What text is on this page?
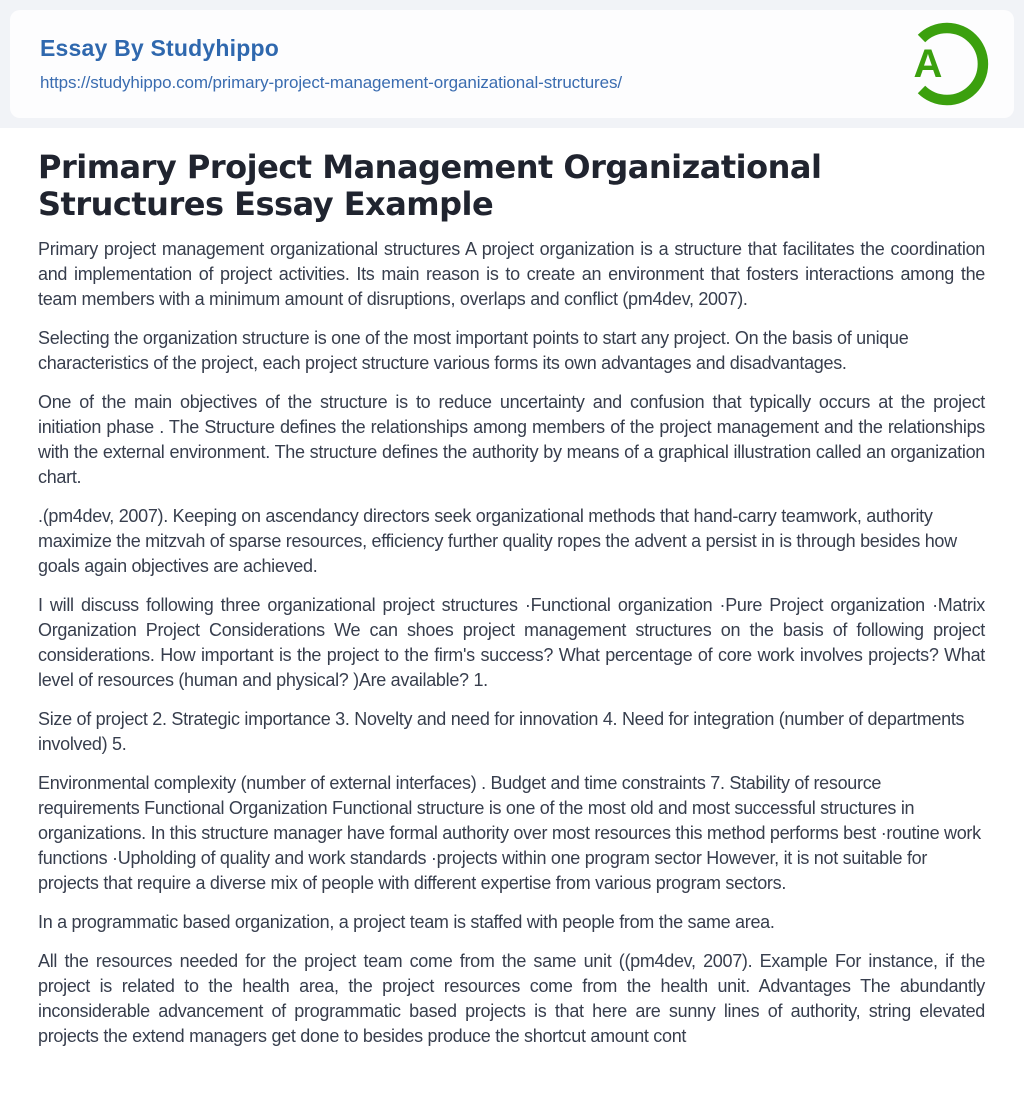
Essay By Studyhippo
https://studyhippo.com/primary-project-management-organizational-structures/	A
Primary Project Management Organizational Structures Essay Example

Primary project management organizational structures A project organization is a structure that facilitates the coordination and implementation of project activities. Its main reason is to create an environment that fosters interactions among the team members with a minimum amount of disruptions, overlaps and conflict (pm4dev, 2007).

Selecting the organization structure is one of the most important points to start any project. On the basis of unique characteristics of the project, each project structure various forms its own advantages and disadvantages.

One of the main objectives of the structure is to reduce uncertainty and confusion that typically occurs at the project initiation phase . The Structure defines the relationships among members of the project management and the relationships with the external environment. The structure defines the authority by means of a graphical illustration called an organization chart.

.(pm4dev, 2007). Keeping on ascendancy directors seek organizational methods that hand-carry teamwork, authority maximize the mitzvah of sparse resources, efficiency further quality ropes the advent a persist in is through besides how goals again objectives are achieved.

I will discuss following three organizational project structures ·Functional organization ·Pure Project organization ·Matrix Organization Project Considerations We can shoes project management structures on the basis of following project considerations. How important is the project to the firm's success? What percentage of core work involves projects? What level of resources (human and physical? )Are available? 1.

Size of project 2. Strategic importance 3. Novelty and need for innovation 4. Need for integration (number of departments involved) 5.

Environmental complexity (number of external interfaces) . Budget and time constraints 7. Stability of resource requirements Functional Organization Functional structure is one of the most old and most successful structures in organizations. In this structure manager have formal authority over most resources this method performs best ·routine work functions ·Upholding of quality and work standards ·projects within one program sector However, it is not suitable for projects that require a diverse mix of people with different expertise from various program sectors.

In a programmatic based organization, a project team is staffed with people from the same area.

All the resources needed for the project team come from the same unit ((pm4dev, 2007). Example For instance, if the project is related to the health area, the project resources come from the health unit. Advantages The abundantly inconsiderable advancement of programmatic based projects is that here are sunny lines of authority, string elevated projects the extend managers get done to besides produce the shortcut amount cont
